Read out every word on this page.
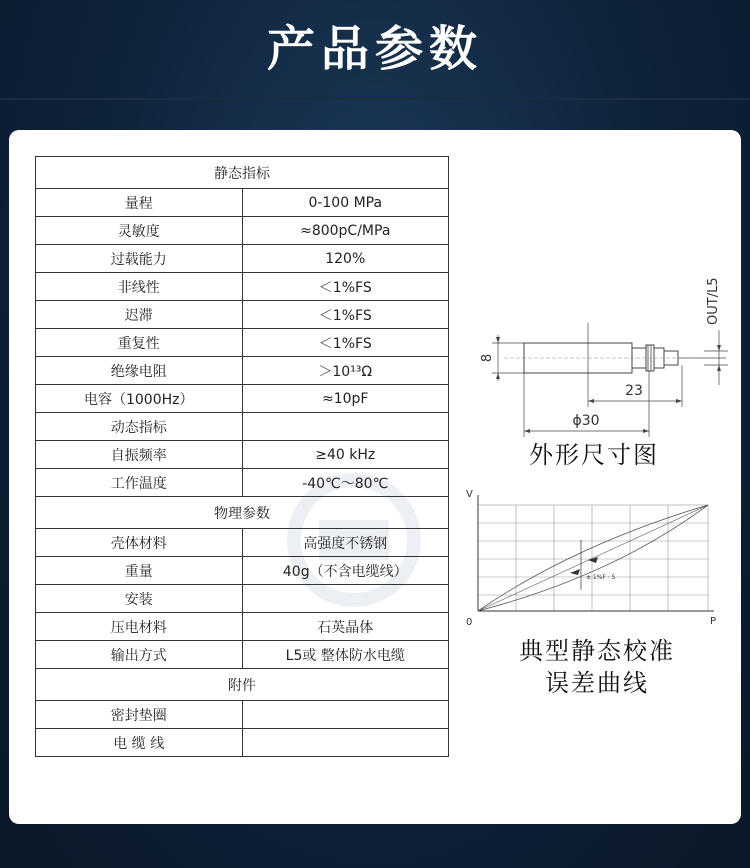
产品参数
静态指标	
量程	0-100 MPa
灵敏度	≈800pC/MPa
过载能力	120%
非线性	＜1%FS
迟滞	＜1%FS
重复性	＜1%FS
绝缘电阻	＞10¹³Ω
电容（1000Hz）	≈10pF
动态指标	
自振频率	≥40 kHz
工作温度	-40℃～80℃
物理参数	
壳体材料	高强度不锈钢
重量	40g（不含电缆线）
安装	
压电材料	石英晶体
输出方式	L5或 整体防水电缆
附件	
密封垫圈	
电 缆 线	
8
OUT/L5
23
ϕ30
外形尺寸图
± 1%F · S
V
P
0
典型静态校准
误差曲线
